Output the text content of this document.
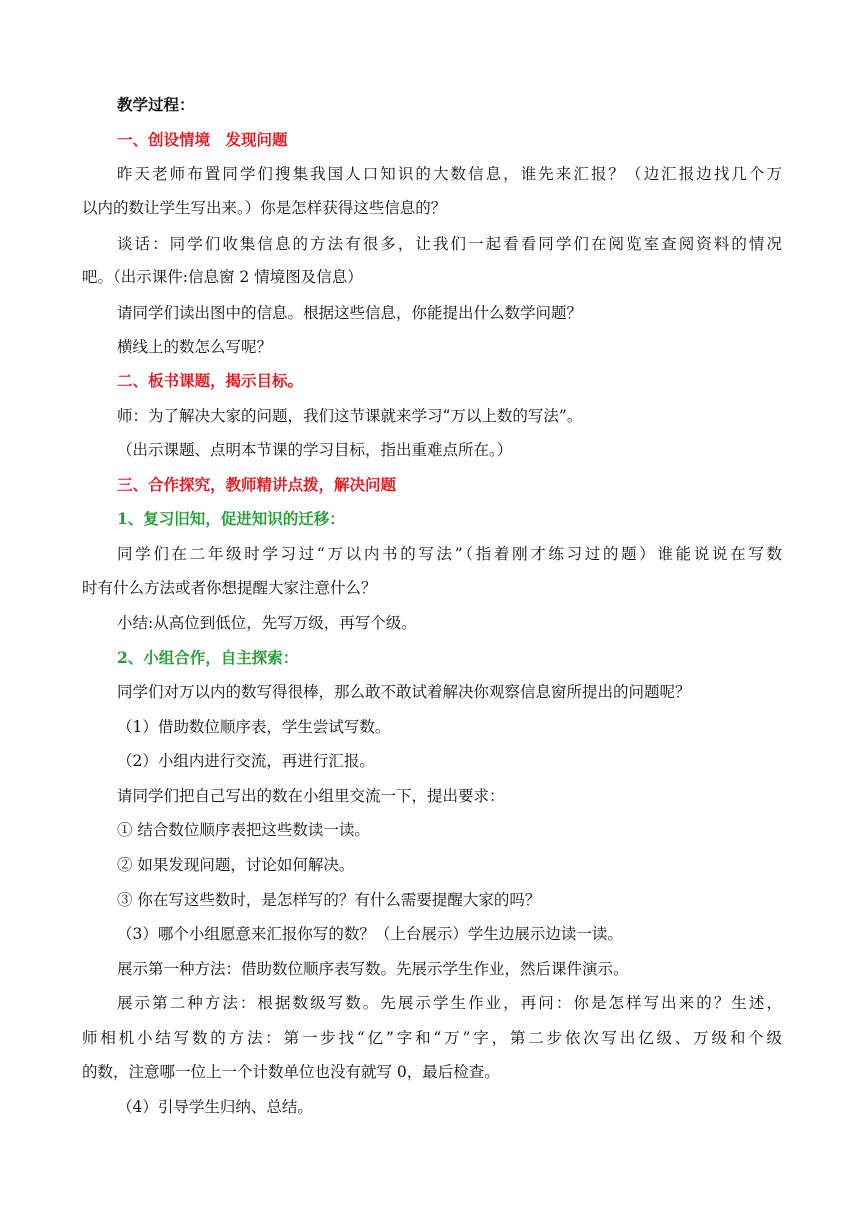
教学过程：
一、创设情境　发现问题
昨天老师布置同学们搜集我国人口知识的大数信息，谁先来汇报？（边汇报边找几个万
以内的数让学生写出来。）你是怎样获得这些信息的？
谈话：同学们收集信息的方法有很多，让我们一起看看同学们在阅览室查阅资料的情况
吧。（出示课件:信息窗 2 情境图及信息）
请同学们读出图中的信息。根据这些信息，你能提出什么数学问题？
横线上的数怎么写呢？
二、板书课题，揭示目标。
师：为了解决大家的问题，我们这节课就来学习“万以上数的写法”。
（出示课题、点明本节课的学习目标，指出重难点所在。）
三、合作探究，教师精讲点拨，解决问题
1、复习旧知，促进知识的迁移：
同学们在二年级时学习过“万以内书的写法”（指着刚才练习过的题）谁能说说在写数
时有什么方法或者你想提醒大家注意什么？
小结:从高位到低位，先写万级，再写个级。
2、小组合作，自主探索：
同学们对万以内的数写得很棒，那么敢不敢试着解决你观察信息窗所提出的问题呢？
（1）借助数位顺序表，学生尝试写数。
（2）小组内进行交流，再进行汇报。
请同学们把自己写出的数在小组里交流一下，提出要求：
① 结合数位顺序表把这些数读一读。
② 如果发现问题，讨论如何解决。
③ 你在写这些数时，是怎样写的？有什么需要提醒大家的吗？
（3）哪个小组愿意来汇报你写的数？（上台展示）学生边展示边读一读。
展示第一种方法：借助数位顺序表写数。先展示学生作业，然后课件演示。
展示第二种方法：根据数级写数。先展示学生作业，再问：你是怎样写出来的？生述，
师相机小结写数的方法：第一步找“亿”字和“万”字，第二步依次写出亿级、万级和个级
的数，注意哪一位上一个计数单位也没有就写 0，最后检查。
（4）引导学生归纳、总结。
